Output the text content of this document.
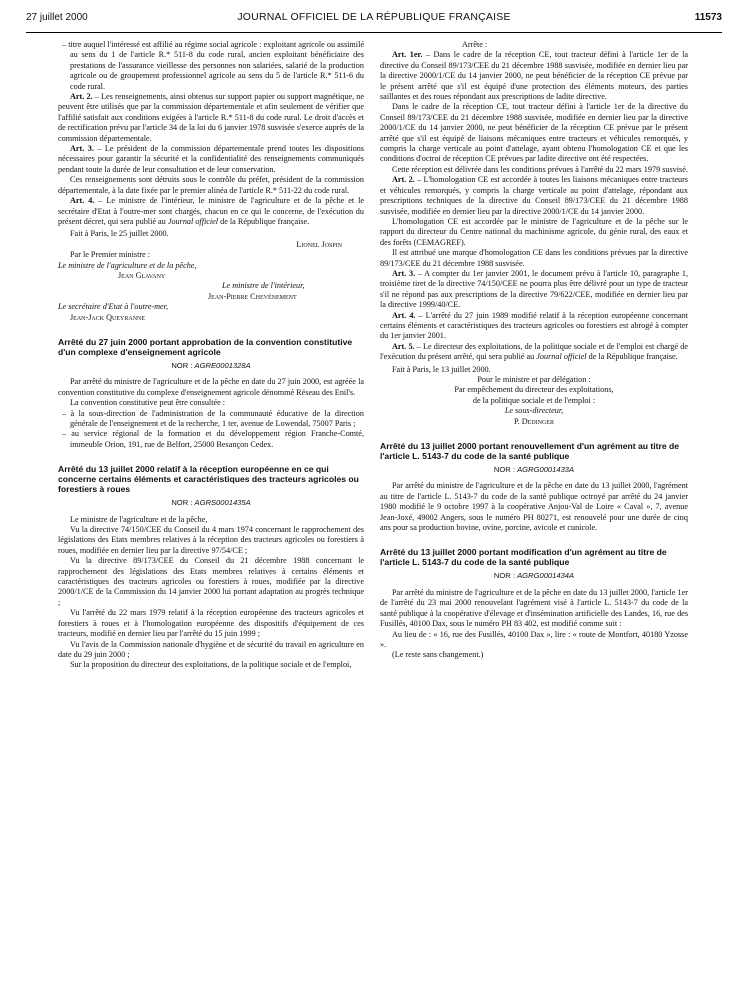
27 juillet 2000	JOURNAL OFFICIEL DE LA RÉPUBLIQUE FRANÇAISE	11573

– titre auquel l'intéressé est affilié au régime social agricole : exploitant agricole ou assimilé au sens du 1 de l'article R.* 511-8 du code rural, ancien exploitant bénéficiaire des prestations de l'assurance vieillesse des personnes non salariées, salarié de la production agricole ou de groupement professionnel agricole au sens du 5 de l'article R.* 511-6 du code rural.

Art. 2. – Les renseignements, ainsi obtenus sur support papier ou support magnétique, ne peuvent être utilisés que par la commission départementale et afin seulement de vérifier que l'affilié satisfait aux conditions exigées à l'article R.* 511-8 du code rural. Le droit d'accès et de rectification prévu par l'article 34 de la loi du 6 janvier 1978 susvisée s'exerce auprès de la commission départementale.

Art. 3. – Le président de la commission départementale prend toutes les dispositions nécessaires pour garantir la sécurité et la confidentialité des renseignements communiqués pendant toute la durée de leur consultation et de leur conservation.

Ces renseignements sont détruits sous le contrôle du préfet, président de la commission départementale, à la date fixée par le premier alinéa de l'article R.* 511-22 du code rural.

Art. 4. – Le ministre de l'intérieur, le ministre de l'agriculture et de la pêche et le secrétaire d'Etat à l'outre-mer sont chargés, chacun en ce qui le concerne, de l'exécution du présent décret, qui sera publié au Journal officiel de la République française.

Fait à Paris, le 25 juillet 2000.

Lionel Jospin

Par le Premier ministre :

Le ministre de l'agriculture et de la pêche,

Jean Glavany

Le ministre de l'intérieur,

Jean-Pierre Chevènement

Le secrétaire d'Etat à l'outre-mer,

Jean-Jack Queyranne

Arrêté du 27 juin 2000 portant approbation de la convention constitutive d'un complexe d'enseignement agricole

NOR : AGRE0001328A

Par arrêté du ministre de l'agriculture et de la pêche en date du 27 juin 2000, est agréée la convention constitutive du complexe d'enseignement agricole dénommé Réseau des Enil's.

La convention constitutive peut être consultée :

– à la sous-direction de l'administration de la communauté éducative de la direction générale de l'enseignement et de la recherche, 1 ter, avenue de Lowendal, 75007 Paris ;

– au service régional de la formation et du développement région Franche-Comté, immeuble Orion, 191, rue de Belfort, 25000 Besançon Cedex.

Arrêté du 13 juillet 2000 relatif à la réception européenne en ce qui concerne certains éléments et caractéristiques des tracteurs agricoles ou forestiers à roues

NOR : AGRS0001435A

Le ministre de l'agriculture et de la pêche,

Vu la directive 74/150/CEE du Conseil du 4 mars 1974 concernant le rapprochement des législations des Etats membres relatives à la réception des tracteurs agricoles ou forestiers à roues, modifiée en dernier lieu par la directive 97/54/CE ;

Vu la directive 89/173/CEE du Conseil du 21 décembre 1988 concernant le rapprochement des législations des Etats membres relatives à certains éléments et caractéristiques des tracteurs agricoles ou forestiers à roues, modifiée par la directive 2000/1/CE de la Commission du 14 janvier 2000 lui portant adaptation au progrès technique ;

Vu l'arrêté du 22 mars 1979 relatif à la réception européenne des tracteurs agricoles et forestiers à roues et à l'homologation européenne des dispositifs d'équipement de ces tracteurs, modifié en dernier lieu par l'arrêté du 15 juin 1999 ;

Vu l'avis de la Commission nationale d'hygiène et de sécurité du travail en agriculture en date du 29 juin 2000 ;

Sur la proposition du directeur des exploitations, de la politique sociale et de l'emploi,

Arrête :

Art. 1er. – Dans le cadre de la réception CE, tout tracteur défini à l'article 1er de la directive du Conseil 89/173/CEE du 21 décembre 1988 susvisée, modifiée en dernier lieu par la directive 2000/1/CE du 14 janvier 2000, ne peut bénéficier de la réception CE prévue par le présent arrêté que s'il est équipé d'une protection des éléments moteurs, des parties saillantes et des roues répondant aux prescriptions de ladite directive.

Dans le cadre de la réception CE, tout tracteur défini à l'article 1er de la directive du Conseil 89/173/CEE du 21 décembre 1988 susvisée, modifiée en dernier lieu par la directive 2000/1/CE du 14 janvier 2000, ne peut bénéficier de la réception CE prévue par le présent arrêté que s'il est équipé de liaisons mécaniques entre tracteurs et véhicules remorqués, y compris la charge verticale au point d'attelage, ayant obtenu l'homologation CE et que les conditions d'octroi de réception CE prévues par ladite directive ont été respectées.

Cette réception est délivrée dans les conditions prévues à l'arrêté du 22 mars 1979 susvisé.

Art. 2. – L'homologation CE est accordée à toutes les liaisons mécaniques entre tracteurs et véhicules remorqués, y compris la charge verticale au point d'attelage, répondant aux prescriptions techniques de la directive du Conseil 89/173/CEE du 21 décembre 1988 susvisée, modifiée en dernier lieu par la directive 2000/1/CE du 14 janvier 2000.

L'homologation CE est accordée par le ministre de l'agriculture et de la pêche sur le rapport du directeur du Centre national du machinisme agricole, du génie rural, des eaux et des forêts (CEMAGREF).

Il est attribué une marque d'homologation CE dans les conditions prévues par la directive 89/173/CEE du 21 décembre 1988 susvisée.

Art. 3. – A compter du 1er janvier 2001, le document prévu à l'article 10, paragraphe 1, troisième tiret de la directive 74/150/CEE ne pourra plus être délivré pour un type de tracteur s'il ne répond pas aux prescriptions de la directive 79/622/CEE, modifiée en dernier lieu par la directive 1999/40/CE.

Art. 4. – L'arrêté du 27 juin 1989 modifié relatif à la réception européenne concernant certains éléments et caractéristiques des tracteurs agricoles ou forestiers est abrogé à compter du 1er janvier 2001.

Art. 5. – Le directeur des exploitations, de la politique sociale et de l'emploi est chargé de l'exécution du présent arrêté, qui sera publié au Journal officiel de la République française.

Fait à Paris, le 13 juillet 2000.

Pour le ministre et par délégation :

Par empêchement du directeur des exploitations,

de la politique sociale et de l'emploi :

Le sous-directeur,

P. Dedinger

Arrêté du 13 juillet 2000 portant renouvellement d'un agrément au titre de l'article L. 5143-7 du code de la santé publique

NOR : AGRG0001433A

Par arrêté du ministre de l'agriculture et de la pêche en date du 13 juillet 2000, l'agrément au titre de l'article L. 5143-7 du code de la santé publique octroyé par arrêté du 24 janvier 1980 modifié le 9 octobre 1997 à la coopérative Anjou-Val de Loire « Caval », 7, avenue Jean-Joxé, 49002 Angers, sous le numéro PH 80271, est renouvelé pour une durée de cinq ans pour sa production bovine, ovine, porcine, avicole et cunicole.

Arrêté du 13 juillet 2000 portant modification d'un agrément au titre de l'article L. 5143-7 du code de la santé publique

NOR : AGRG0001434A

Par arrêté du ministre de l'agriculture et de la pêche en date du 13 juillet 2000, l'article 1er de l'arrêté du 23 mai 2000 renouvelant l'agrément visé à l'article L. 5143-7 du code de la santé publique à la coopérative d'élevage et d'insémination artificielle des Landes, 16, rue des Fusillés, 40100 Dax, sous le numéro PH 83 402, est modifié comme suit :

Au lieu de : « 16, rue des Fusillés, 40100 Dax », lire : « route de Montfort, 40180 Yzosse ».

(Le reste sans changement.)
